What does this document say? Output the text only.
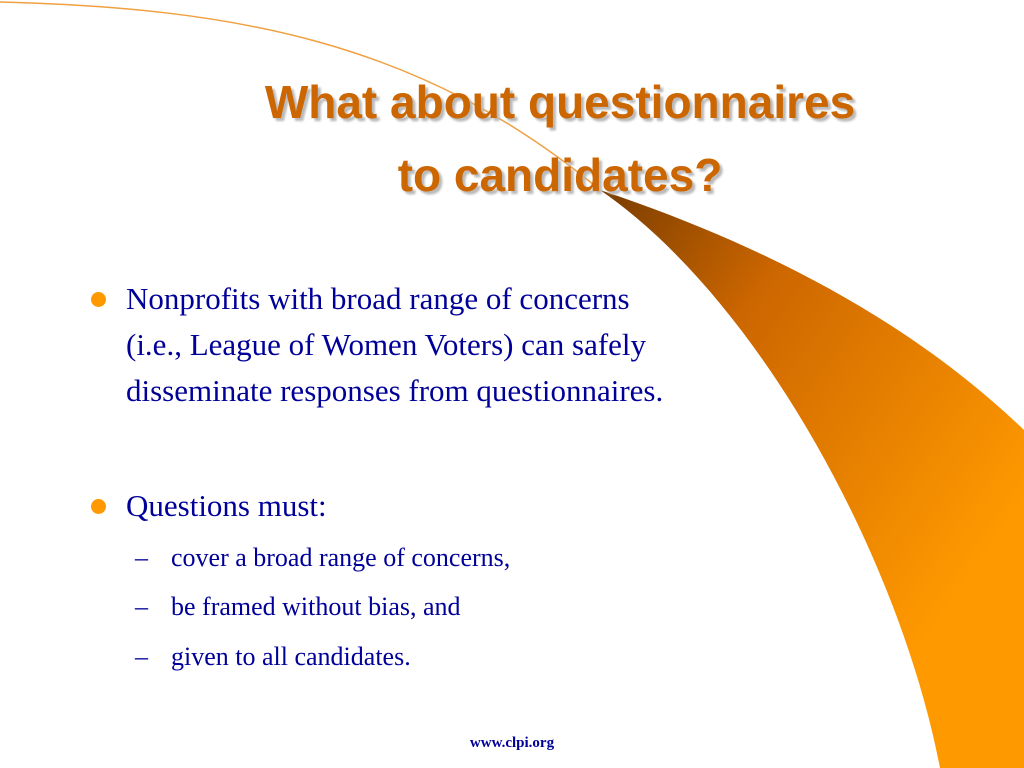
What about questionnaires
to candidates?

Nonprofits with broad range of concerns

(i.e., League of Women Voters) can safely

disseminate responses from questionnaires.

Questions must:

– cover a broad range of concerns,

– be framed without bias, and

– given to all candidates.

www.clpi.org
